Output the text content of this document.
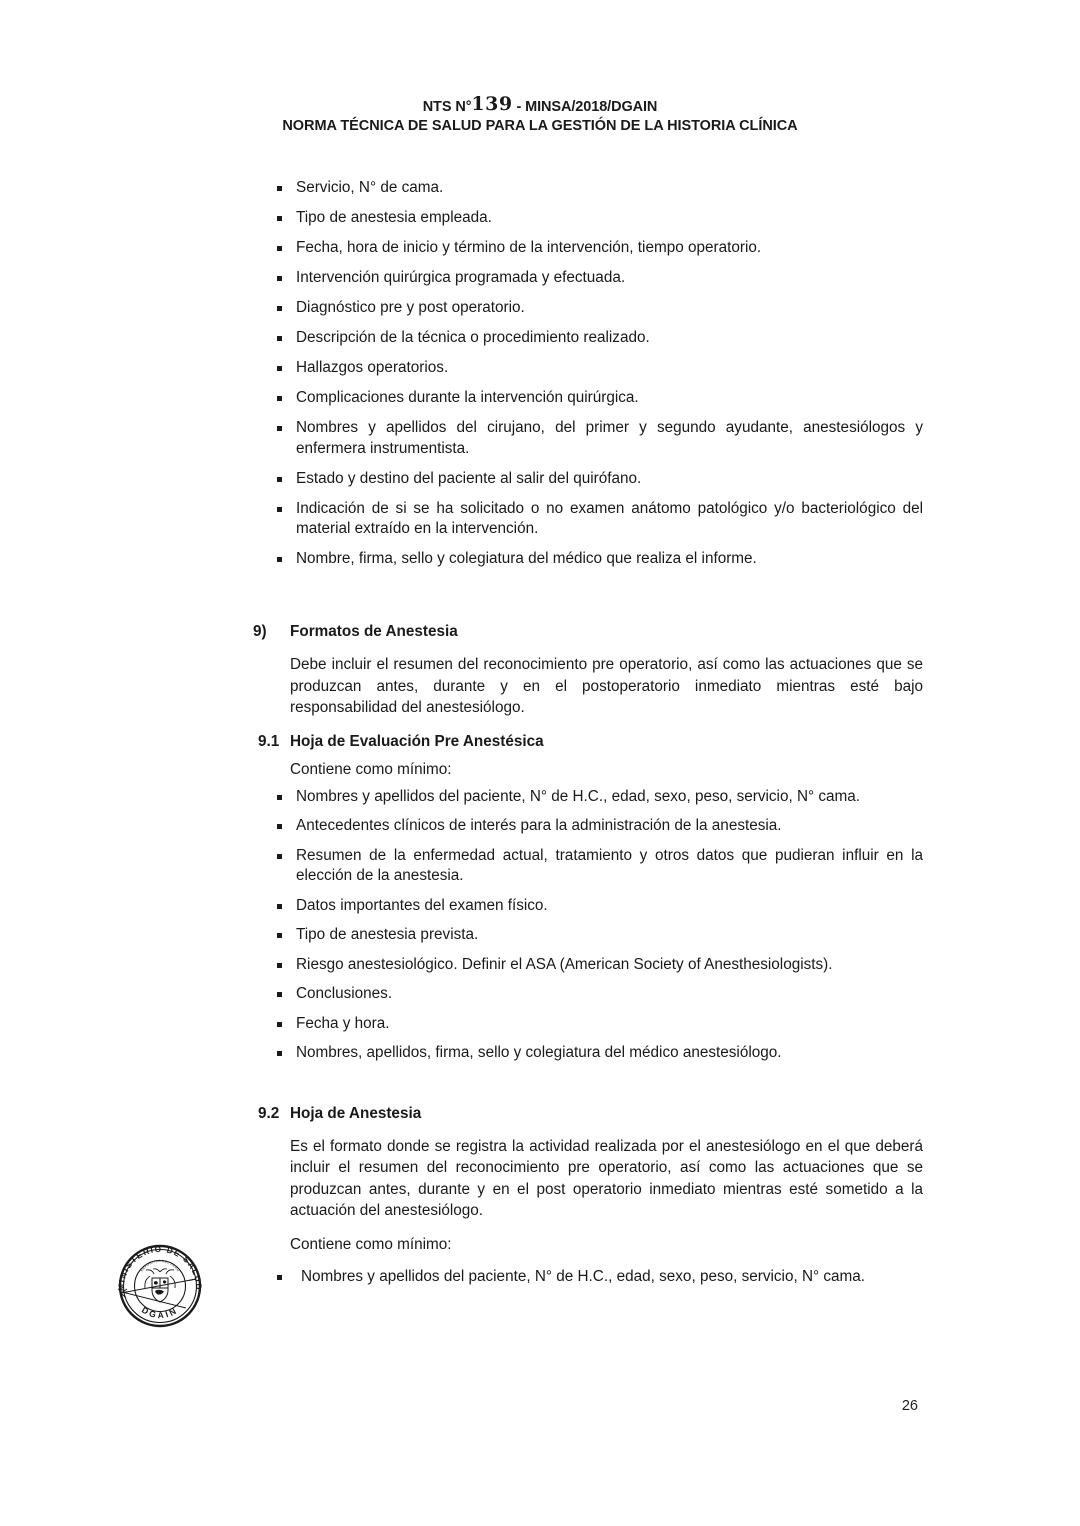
NTS N°139 - MINSA/2018/DGAIN
NORMA TÉCNICA DE SALUD PARA LA GESTIÓN DE LA HISTORIA CLÍNICA
Servicio, N° de cama.
Tipo de anestesia empleada.
Fecha, hora de inicio y término de la intervención, tiempo operatorio.
Intervención quirúrgica programada y efectuada.
Diagnóstico pre y post operatorio.
Descripción de la técnica o procedimiento realizado.
Hallazgos operatorios.
Complicaciones durante la intervención quirúrgica.
Nombres y apellidos del cirujano, del primer y segundo ayudante, anestesiólogos y enfermera instrumentista.
Estado y destino del paciente al salir del quirófano.
Indicación de si se ha solicitado o no examen anátomo patológico y/o bacteriológico del material extraído en la intervención.
Nombre, firma, sello y colegiatura del médico que realiza el informe.
9) Formatos de Anestesia

Debe incluir el resumen del reconocimiento pre operatorio, así como las actuaciones que se produzcan antes, durante y en el postoperatorio inmediato mientras esté bajo responsabilidad del anestesiólogo.

9.1 Hoja de Evaluación Pre Anestésica

Contiene como mínimo:

Nombres y apellidos del paciente, N° de H.C., edad, sexo, peso, servicio, N° cama.
Antecedentes clínicos de interés para la administración de la anestesia.
Resumen de la enfermedad actual, tratamiento y otros datos que pudieran influir en la elección de la anestesia.
Datos importantes del examen físico.
Tipo de anestesia prevista.
Riesgo anestesiológico. Definir el ASA (American Society of Anesthesiologists).
Conclusiones.
Fecha y hora.
Nombres, apellidos, firma, sello y colegiatura del médico anestesiólogo.
9.2 Hoja de Anestesia

Es el formato donde se registra la actividad realizada por el anestesiólogo en el que deberá incluir el resumen del reconocimiento pre operatorio, así como las actuaciones que se produzcan antes, durante y en el post operatorio inmediato mientras esté sometido a la actuación del anestesiólogo.

Contiene como mínimo:

Nombres y apellidos del paciente, N° de H.C., edad, sexo, peso, servicio, N° cama.
MINISTERIO DE SALUD
DGAIN
REPÚBLICA DEL PERÚ
26
